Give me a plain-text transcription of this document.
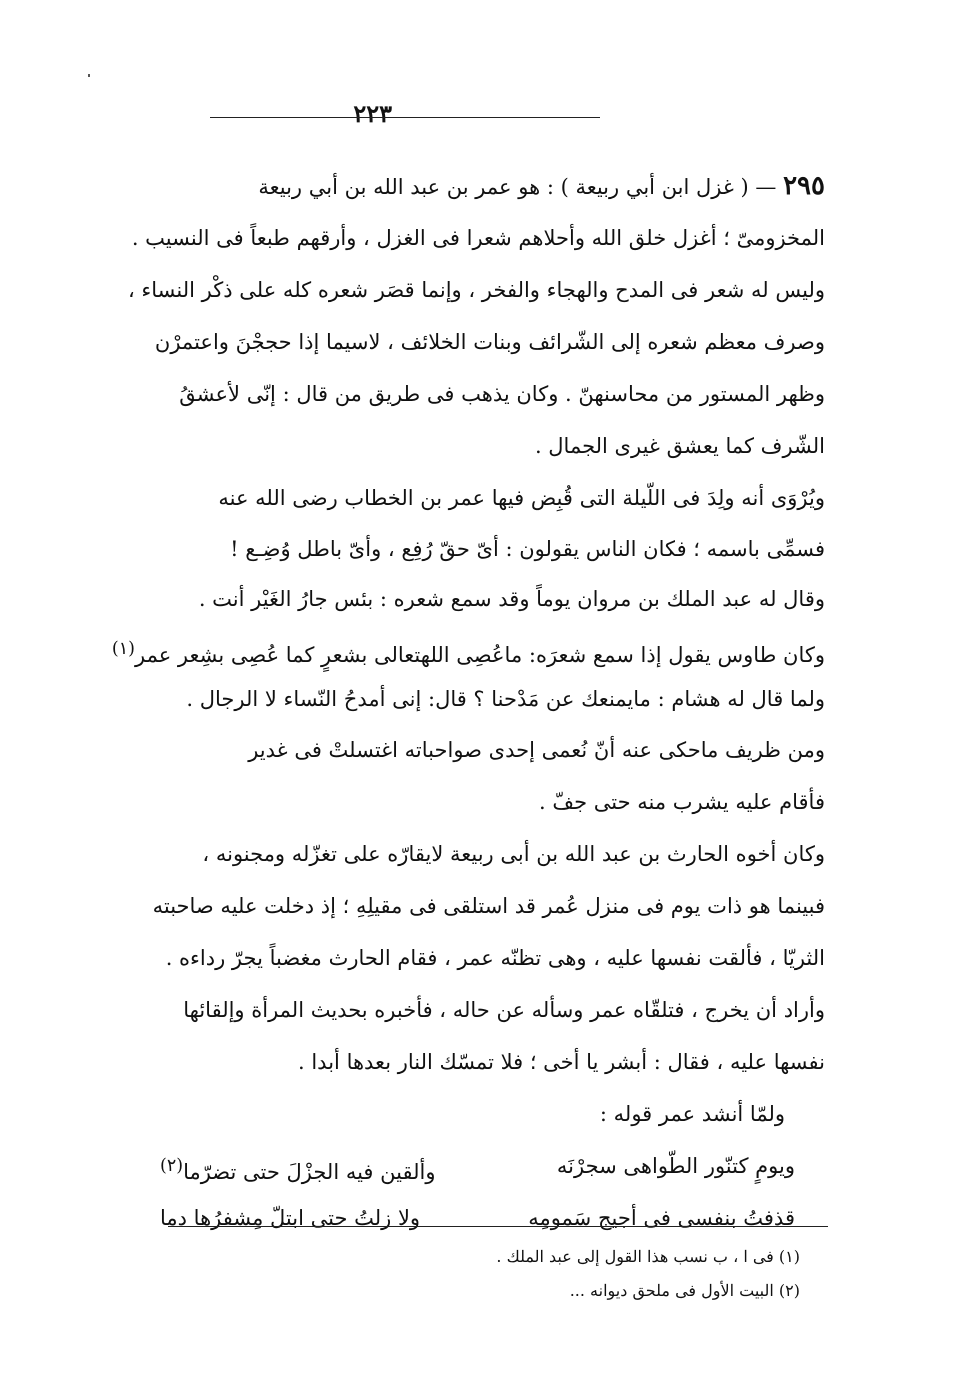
٢٢٣
٢٩٥ — ( غزل ابن أبي ربيعة ) : هو عمر بن عبد الله بن أبي ربيعة
المخزومىّ ؛ أغزل خلق الله وأحلاهم شعرا فى الغزل ، وأرقهم طبعاً فى النسيب .
وليس له شعر فى المدح والهجاء والفخر ، وإنما قصَر شعره كله على ذكْر النساء ،
وصرف معظم شعره إلى الشّرائف وبنات الخلائف ، لاسيما إذا حججْنَ واعتمرْن
وظهر المستور من محاسنهنّ . وكان يذهب فى طريق من قال : إنّى لأعشقُ
الشّرف كما يعشق غيرى الجمال .
ويُرْوَى أنه ولِدَ فى اللّيلة التى قُبِض فيها عمر بن الخطاب رضى الله عنه
فسمِّى باسمه ؛ فكان الناس يقولون : أىّ حقّ رُفِع ، وأىّ باطل وُضِـع !
وقال له عبد الملك بن مروان يوماً وقد سمع شعره : بئس جارُ الغَيْر أنت .
وكان طاوس يقول إذا سمع شعرَه: ماعُصِى اللهتعالى بشعرٍ كما عُصِى بشِعر عمر$^{(١)}$
ولما قال له هشام : مايمنعك عن مَدْحنا ؟ قال: إنى أمدحُ النّساء لا الرجال .
ومن ظريف ماحكى عنه أنّ نُعمى إحدى صواحباته اغتسلتْ فى غدير
فأقام عليه يشرب منه حتى جفّ .
وكان أخوه الحارث بن عبد الله بن أبى ربيعة لايقارّه على تغزّله ومجنونه ،
فبينما هو ذات يوم فى منزل عُمر قد استلقى فى مقيلِهِ ؛ إذ دخلت عليه صاحبته
الثريّا ، فألقت نفسها عليه ، وهى تظنّه عمر ، فقام الحارث مغضباً يجرّ رداءه .
وأراد أن يخرج ، فتلقّاه عمر وسأله عن حاله ، فأخبره بحديث المرأة وإلقائها
نفسها عليه ، فقال : أبشر يا أخى ؛ فلا تمسّك النار بعدها أبدا .
ولمّا أنشد عمر قوله :
ويومٍ كتنّور الطّواهى سجرْنَه
وألقين فيه الجزْلَ حتى تضرّما$^{(٢)}$
قذفتُ بنفسى فى أجيج سَمومِه
ولا زلتُ حتى ابتلّ مِشفرُها دما
(١) فى ا ، ب نسب هذا القول إلى عبد الملك .
(٢) البيت الأول فى ملحق ديوانه ...
